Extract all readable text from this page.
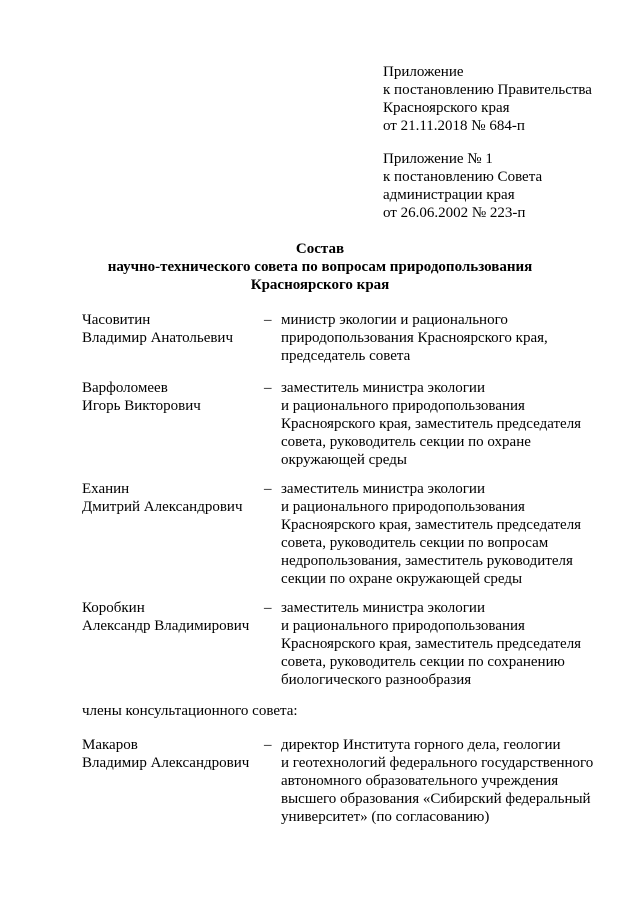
Приложение
к постановлению Правительства
Красноярского края
от 21.11.2018 № 684-п
Приложение № 1
к постановлению Совета
администрации края
от 26.06.2002 № 223-п
Состав
научно-технического совета по вопросам природопользования
Красноярского края
Часовитин
Владимир Анатольевич
– министр экологии и рационального
природопользования Красноярского края,
председатель совета
Варфоломеев
Игорь Викторович
– заместитель министра экологии
и рационального природопользования
Красноярского края, заместитель председателя
совета, руководитель секции по охране
окружающей среды
Еханин
Дмитрий Александрович
– заместитель министра экологии
и рационального природопользования
Красноярского края, заместитель председателя
совета, руководитель секции по вопросам
недропользования, заместитель руководителя
секции по охране окружающей среды
Коробкин
Александр Владимирович
– заместитель министра экологии
и рационального природопользования
Красноярского края, заместитель председателя
совета, руководитель секции по сохранению
биологического разнообразия
члены консультационного совета:
Макаров
Владимир Александрович
– директор Института горного дела, геологии
и геотехнологий федерального государственного
автономного образовательного учреждения
высшего образования «Сибирский федеральный
университет» (по согласованию)
